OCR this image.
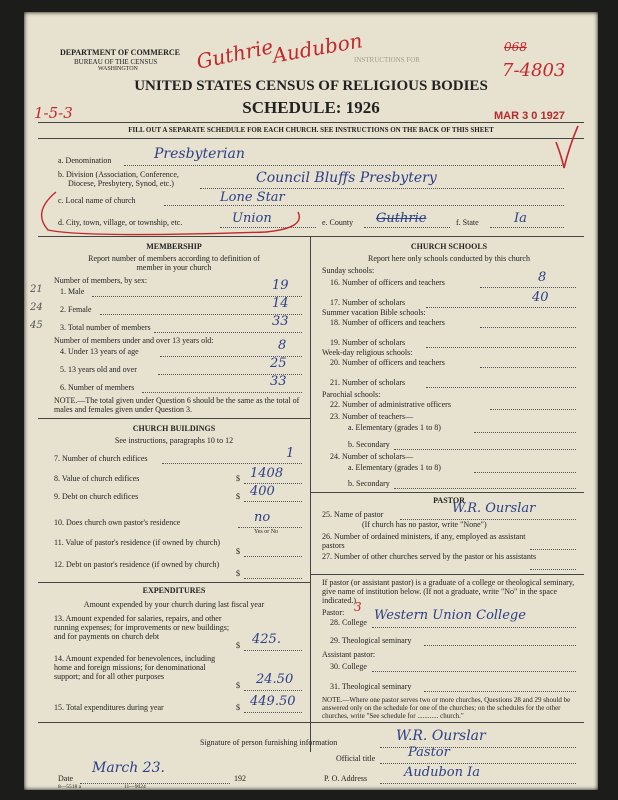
DEPARTMENT OF COMMERCE
BUREAU OF THE CENSUS
WASHINGTON
INSTRUCTIONS FOR
UNITED STATES CENSUS OF RELIGIOUS BODIES
SCHEDULE: 1926
FILL OUT A SEPARATE SCHEDULE FOR EACH CHURCH. SEE INSTRUCTIONS ON THE BACK OF THIS SHEET
Guthrie
Audubon
1-5-3
068
7-4803
MAR 3 0 1927
a. Denomination	Presbyterian
b. Division (Association, Conference,
Diocese, Presbytery, Synod, etc.)	Council Bluffs Presbytery
c. Local name of church	Lone Star
d. City, town, village, or township, etc.	Union	e. County Guthrie	f. State	Ia
MEMBERSHIP
Report number of members according to definition of
member in your church
Number of members, by sex:
1. Male	19
21
2. Female	14
24
3. Total number of members	33
45
Number of members under and over 13 years old:
4. Under 13 years of age	8
5. 13 years old and over	25
6. Number of members	33
NOTE.—The total given under Question 6 should be the same as the total of males and females given under Question 3.
CHURCH BUILDINGS
See instructions, paragraphs 10 to 12
7. Number of church edifices	1
8. Value of church edifices	$ 1408
9. Debt on church edifices	$ 400
10. Does church own pastor's residence	no
Yes or No
11. Value of pastor's residence (if owned by church)
$
12. Debt on pastor's residence (if owned by church)
$
EXPENDITURES
Amount expended by your church during last fiscal year
13. Amount expended for salaries, repairs, and other running expenses; for improvements or new buildings; and for payments on church debt
$ 425.
14. Amount expended for benevolences, including home and foreign missions; for denominational support; and for all other purposes
$ 24.50
15. Total expenditures during year	$ 449.50
CHURCH SCHOOLS
Report here only schools conducted by this church
Sunday schools:
16. Number of officers and teachers	8
17. Number of scholars	40
Summer vacation Bible schools:
18. Number of officers and teachers
19. Number of scholars
Week-day religious schools:
20. Number of officers and teachers
21. Number of scholars
Parochial schools:
22. Number of administrative officers
23. Number of teachers—
a. Elementary (grades 1 to 8)
b. Secondary
24. Number of scholars—
a. Elementary (grades 1 to 8)
b. Secondary
PASTOR
25. Name of pastor	W.R. Ourslar
(If church has no pastor, write "None")
26. Number of ordained ministers, if any, employed as assistant pastors
27. Number of other churches served by the pastor or his assistants
If pastor (or assistant pastor) is a graduate of a college or theological seminary, give name of institution below. (If not a graduate, write "No" in the space indicated.)
Pastor: 3
28. College Western Union College
29. Theological seminary
Assistant pastor:
30. College
31. Theological seminary
NOTE.—Where one pastor serves two or more churches, Questions 28 and 29 should be answered only on the schedule for one of the churches; on the schedules for the other churches, write "See schedule for ............ church."
Signature of person furnishing information	W.R. Ourslar
Official title	Pastor
Date
March 23.
192	P. O. Address	Audubon Ia
8—5518 a	11—9024
